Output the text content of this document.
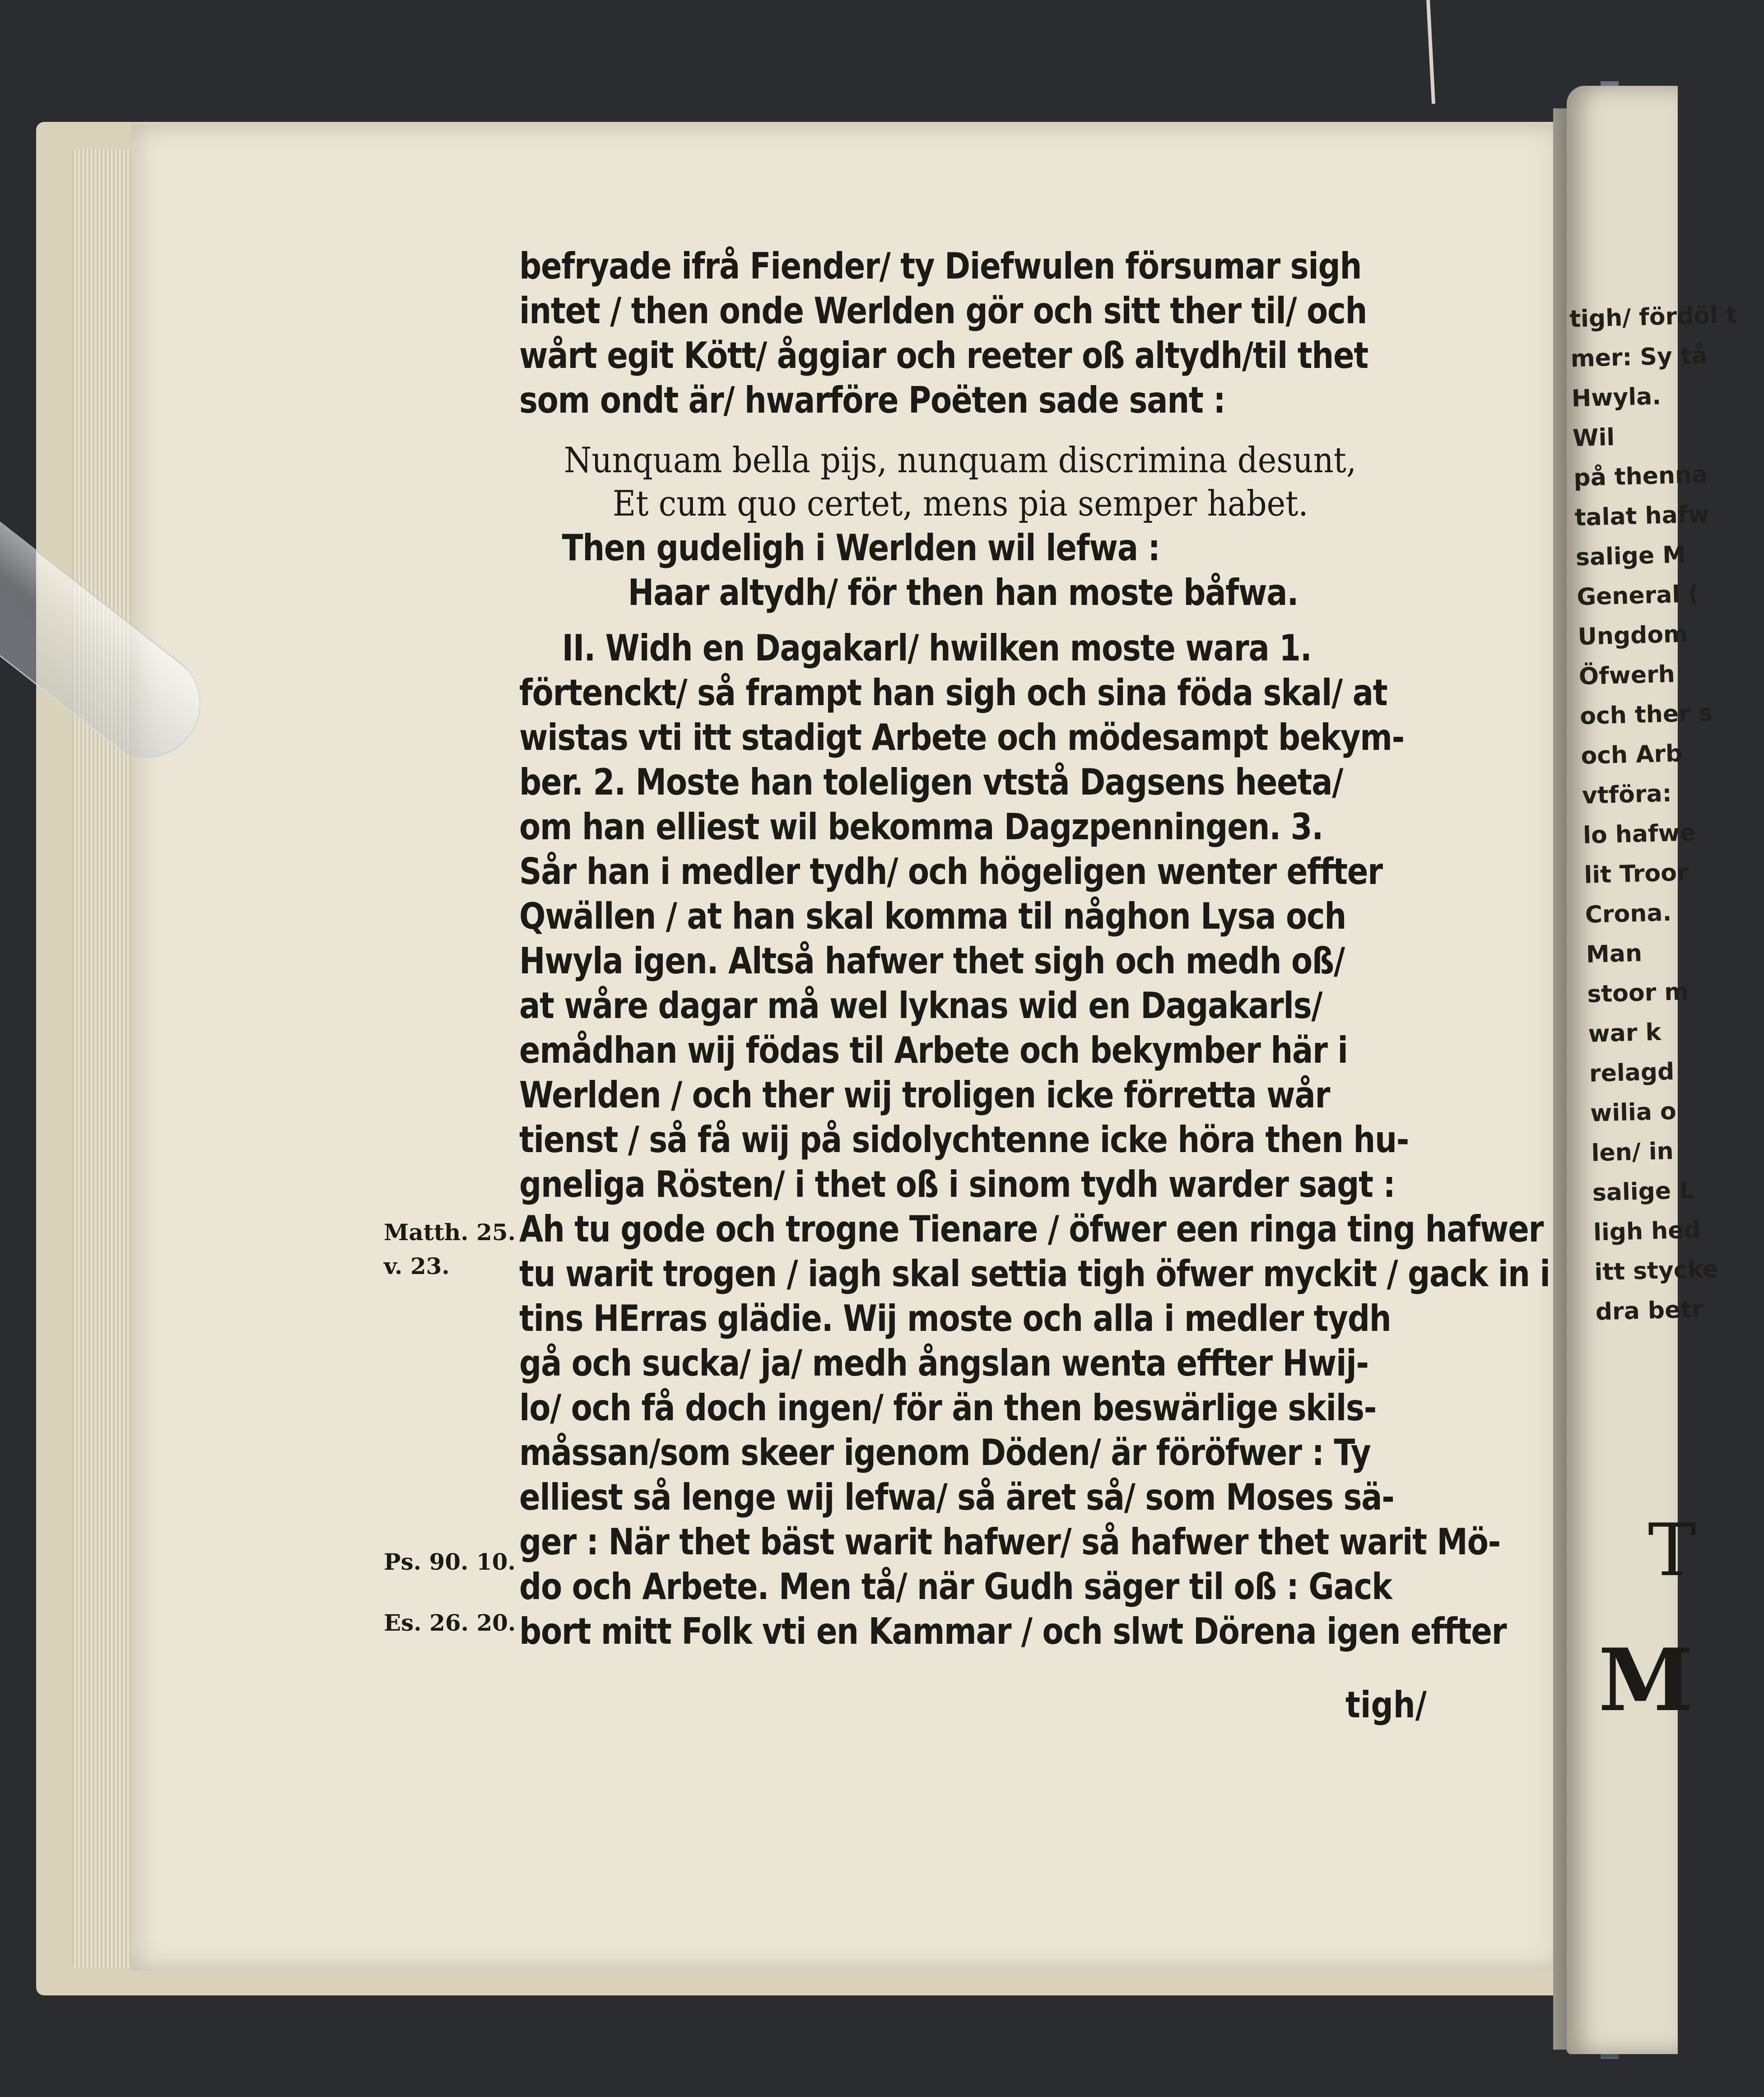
tigh/ fördöl t
mer: Sy tå
Hwyla.
Wil
på thenna
talat hafw
salige M
General (
Ungdom
Öfwerh
och ther s
och Arb
vtföra:
lo hafwe
lit Troor
Crona.
Man
stoor m
war k
relagd
wilia o
len/ in
salige L
ligh hed
itt stycke
dra betr
T
M
befryade ifrå Fiender/ ty Diefwulen försumar sigh
intet / then onde Werlden gör och sitt ther til/ och
wårt egit Kött/ åggiar och reeter oß altydh/til thet
som ondt är/ hwarföre Poëten sade sant :
Nunquam bella pijs, nunquam discrimina desunt,
Et cum quo certet, mens pia semper habet.
Then gudeligh i Werlden wil lefwa :
Haar altydh/ för then han moste båfwa.
II. Widh en Dagakarl/ hwilken moste wara 1.
förtenckt/ så frampt han sigh och sina föda skal/ at
wistas vti itt stadigt Arbete och mödesampt bekym-
ber. 2. Moste han toleligen vtstå Dagsens heeta/
om han elliest wil bekomma Dagzpenningen. 3.
Sår han i medler tydh/ och högeligen wenter effter
Qwällen / at han skal komma til någhon Lysa och
Hwyla igen. Altså hafwer thet sigh och medh oß/
at wåre dagar må wel lyknas wid en Dagakarls/
emådhan wij födas til Arbete och bekymber här i
Werlden / och ther wij troligen icke förretta wår
tienst / så få wij på sidolychtenne icke höra then hu-
gneliga Rösten/ i thet oß i sinom tydh warder sagt :
Ah tu gode och trogne Tienare / öfwer een ringa ting hafwer
tu warit trogen / iagh skal settia tigh öfwer myckit / gack in i
tins HErras glädie. Wij moste och alla i medler tydh
gå och sucka/ ja/ medh ångslan wenta effter Hwij-
lo/ och få doch ingen/ för än then beswärlige skils-
måssan/som skeer igenom Döden/ är föröfwer : Ty
elliest så lenge wij lefwa/ så äret så/ som Moses sä-
ger : När thet bäst warit hafwer/ så hafwer thet warit Mö-
do och Arbete. Men tå/ när Gudh säger til oß : Gack
bort mitt Folk vti en Kammar / och slwt Dörena igen effter
tigh/
Matth. 25.
v. 23.
Ps. 90. 10.
Es. 26. 20.
